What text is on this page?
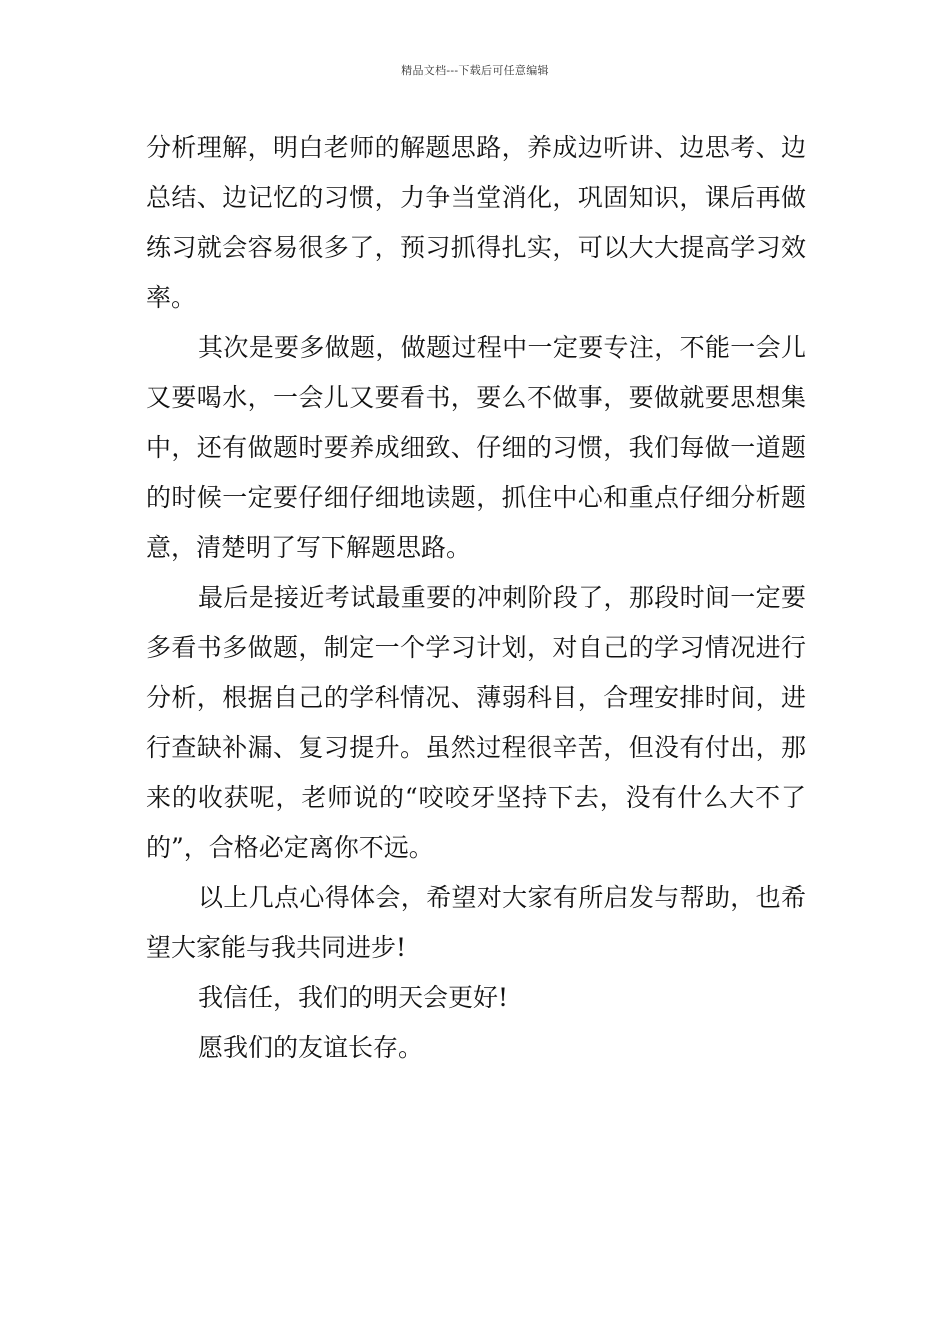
精品文档---下载后可任意编辑

分析理解，明白老师的解题思路，养成边听讲、边思考、边总结、边记忆的习惯，力争当堂消化，巩固知识，课后再做练习就会容易很多了，预习抓得扎实，可以大大提高学习效率。

其次是要多做题，做题过程中一定要专注，不能一会儿又要喝水，一会儿又要看书，要么不做事，要做就要思想集中，还有做题时要养成细致、仔细的习惯，我们每做一道题的时候一定要仔细仔细地读题，抓住中心和重点仔细分析题意，清楚明了写下解题思路。

最后是接近考试最重要的冲刺阶段了，那段时间一定要多看书多做题，制定一个学习计划，对自己的学习情况进行分析，根据自己的学科情况、薄弱科目，合理安排时间，进行查缺补漏、复习提升。虽然过程很辛苦，但没有付出，那来的收获呢，老师说的“咬咬牙坚持下去，没有什么大不了的”，合格必定离你不远。

以上几点心得体会，希望对大家有所启发与帮助，也希望大家能与我共同进步!

我信任，我们的明天会更好!

愿我们的友谊长存。
